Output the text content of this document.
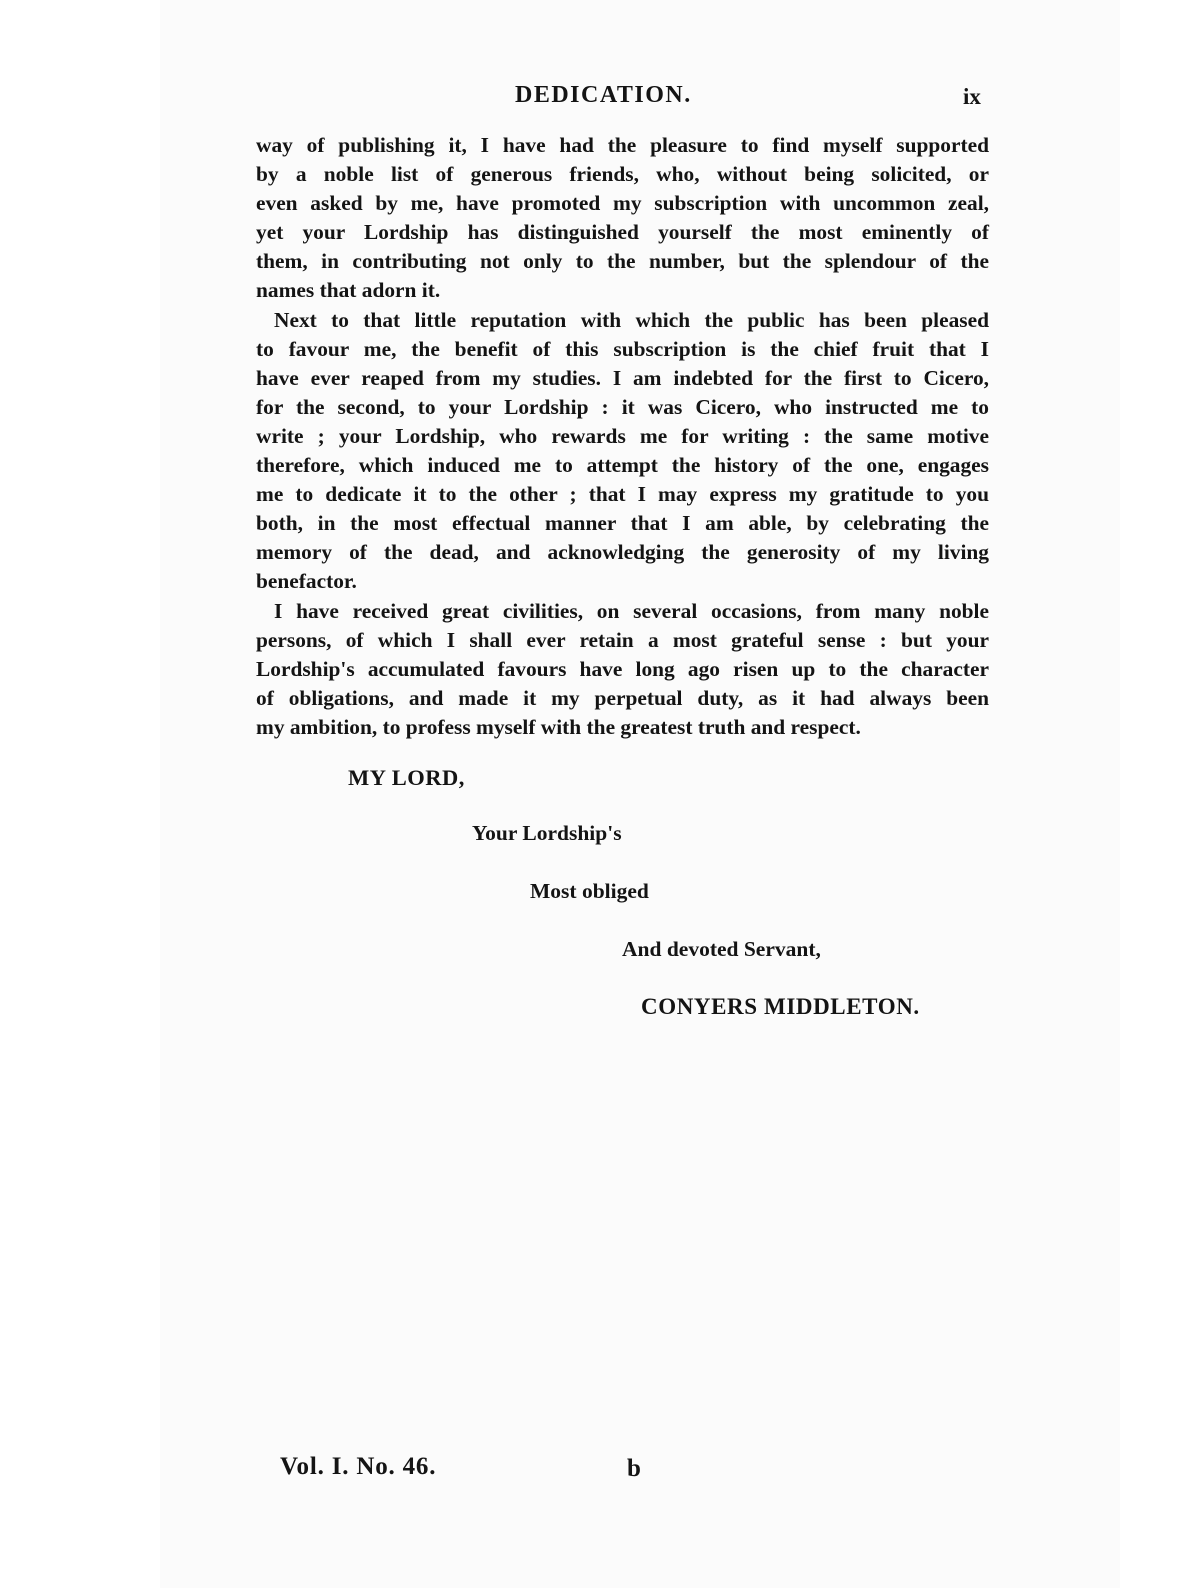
DEDICATION.	ix
way of publishing it, I have had the pleasure to find myself supported
by a noble list of generous friends, who, without being solicited, or
even asked by me, have promoted my subscription with uncommon zeal,
yet your Lordship has distinguished yourself the most eminently of
them, in contributing not only to the number, but the splendour of the
names that adorn it.
Next to that little reputation with which the public has been pleased
to favour me, the benefit of this subscription is the chief fruit that I
have ever reaped from my studies. I am indebted for the first to Cicero,
for the second, to your Lordship : it was Cicero, who instructed me to
write ; your Lordship, who rewards me for writing : the same motive
therefore, which induced me to attempt the history of the one, engages
me to dedicate it to the other ; that I may express my gratitude to you
both, in the most effectual manner that I am able, by celebrating the
memory of the dead, and acknowledging the generosity of my living
benefactor.
I have received great civilities, on several occasions, from many noble
persons, of which I shall ever retain a most grateful sense : but your
Lordship's accumulated favours have long ago risen up to the character
of obligations, and made it my perpetual duty, as it had always been
my ambition, to profess myself with the greatest truth and respect.
MY LORD,
Your Lordship's
Most obliged
And devoted Servant,
CONYERS MIDDLETON.
Vol. I. No. 46.	b
